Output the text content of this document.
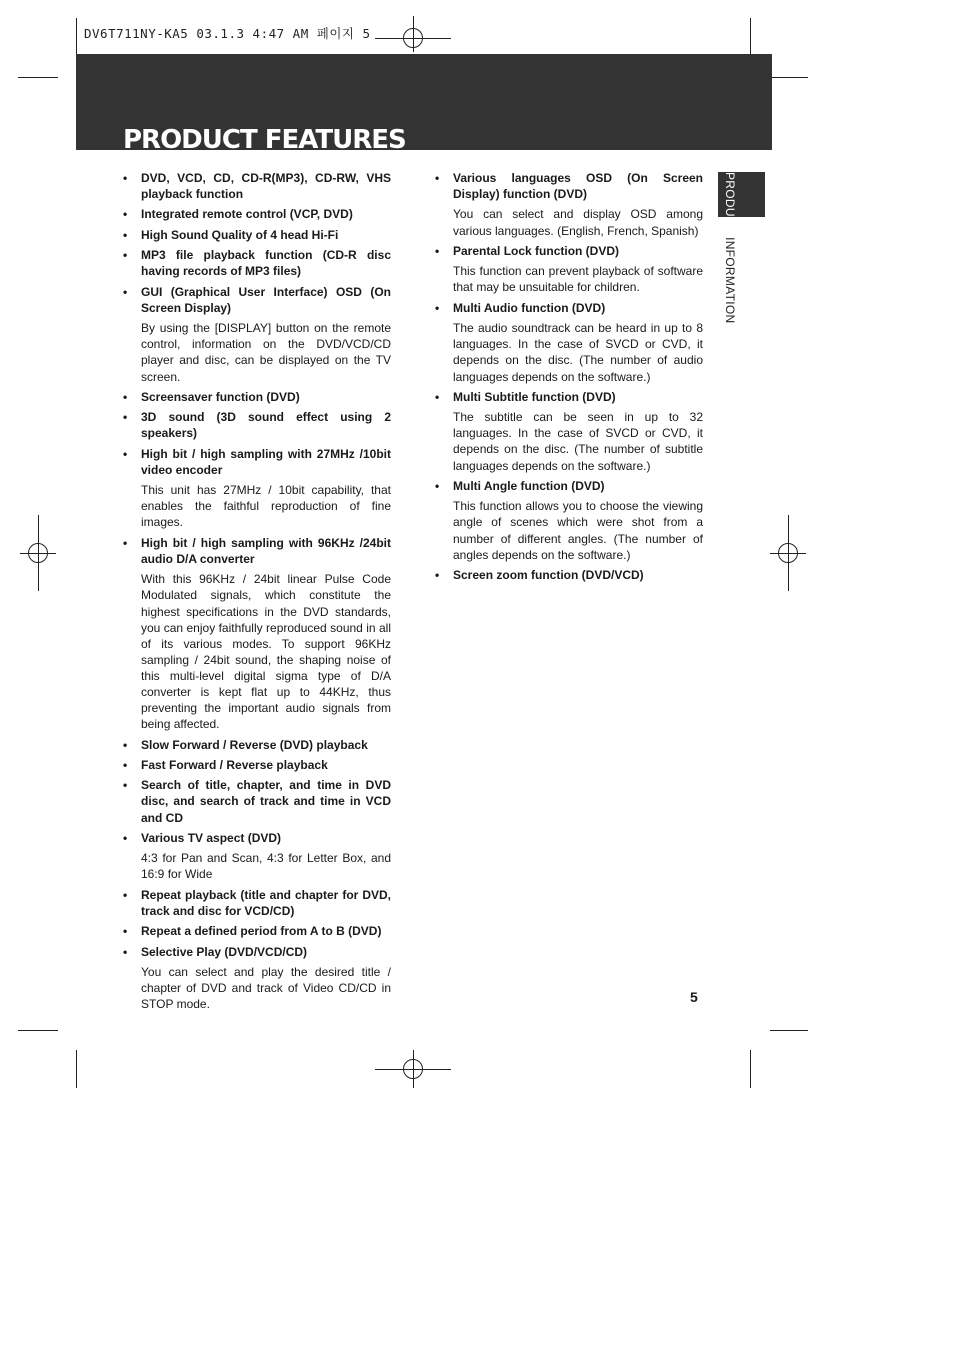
DV6T711NY-KA5 03.1.3 4:47 AM 페이지 5
PRODUCT FEATURES
PRODUCT INFORMATION
• DVD, VCD, CD, CD-R(MP3), CD-RW, VHS playback function
• Integrated remote control (VCP, DVD)
• High Sound Quality of 4 head Hi-Fi
• MP3 file playback function (CD-R disc having records of MP3 files)
• GUI (Graphical User Interface) OSD (On Screen Display)
By using the [DISPLAY] button on the remote control, information on the DVD/VCD/CD player and disc, can be displayed on the TV screen.
• Screensaver function (DVD)
• 3D sound (3D sound effect using 2 speakers)
• High bit / high sampling with 27MHz /10bit video encoder
This unit has 27MHz / 10bit capability, that enables the faithful reproduction of fine images.
• High bit / high sampling with 96KHz /24bit audio D/A converter
With this 96KHz / 24bit linear Pulse Code Modulated signals, which constitute the highest specifications in the DVD standards, you can enjoy faithfully reproduced sound in all of its various modes. To support 96KHz sampling / 24bit sound, the shaping noise of this multi-level digital sigma type of D/A converter is kept flat up to 44KHz, thus preventing the important audio signals from being affected.
• Slow Forward / Reverse (DVD) playback
• Fast Forward / Reverse playback
• Search of title, chapter, and time in DVD disc, and search of track and time in VCD and CD
• Various TV aspect (DVD)
4:3 for Pan and Scan, 4:3 for Letter Box, and 16:9 for Wide
• Repeat playback (title and chapter for DVD, track and disc for VCD/CD)
• Repeat a defined period from A to B (DVD)
• Selective Play (DVD/VCD/CD)
You can select and play the desired title / chapter of DVD and track of Video CD/CD in STOP mode.
• Various languages OSD (On Screen Display) function (DVD)
You can select and display OSD among various languages. (English, French, Spanish)
• Parental Lock function (DVD)
This function can prevent playback of software that may be unsuitable for children.
• Multi Audio function (DVD)
The audio soundtrack can be heard in up to 8 languages. In the case of SVCD or CVD, it depends on the disc. (The number of audio languages depends on the software.)
• Multi Subtitle function (DVD)
The subtitle can be seen in up to 32 languages. In the case of SVCD or CVD, it depends on the disc. (The number of subtitle languages depends on the software.)
• Multi Angle function (DVD)
This function allows you to choose the viewing angle of scenes which were shot from a number of different angles. (The number of angles depends on the software.)
• Screen zoom function (DVD/VCD)
5
